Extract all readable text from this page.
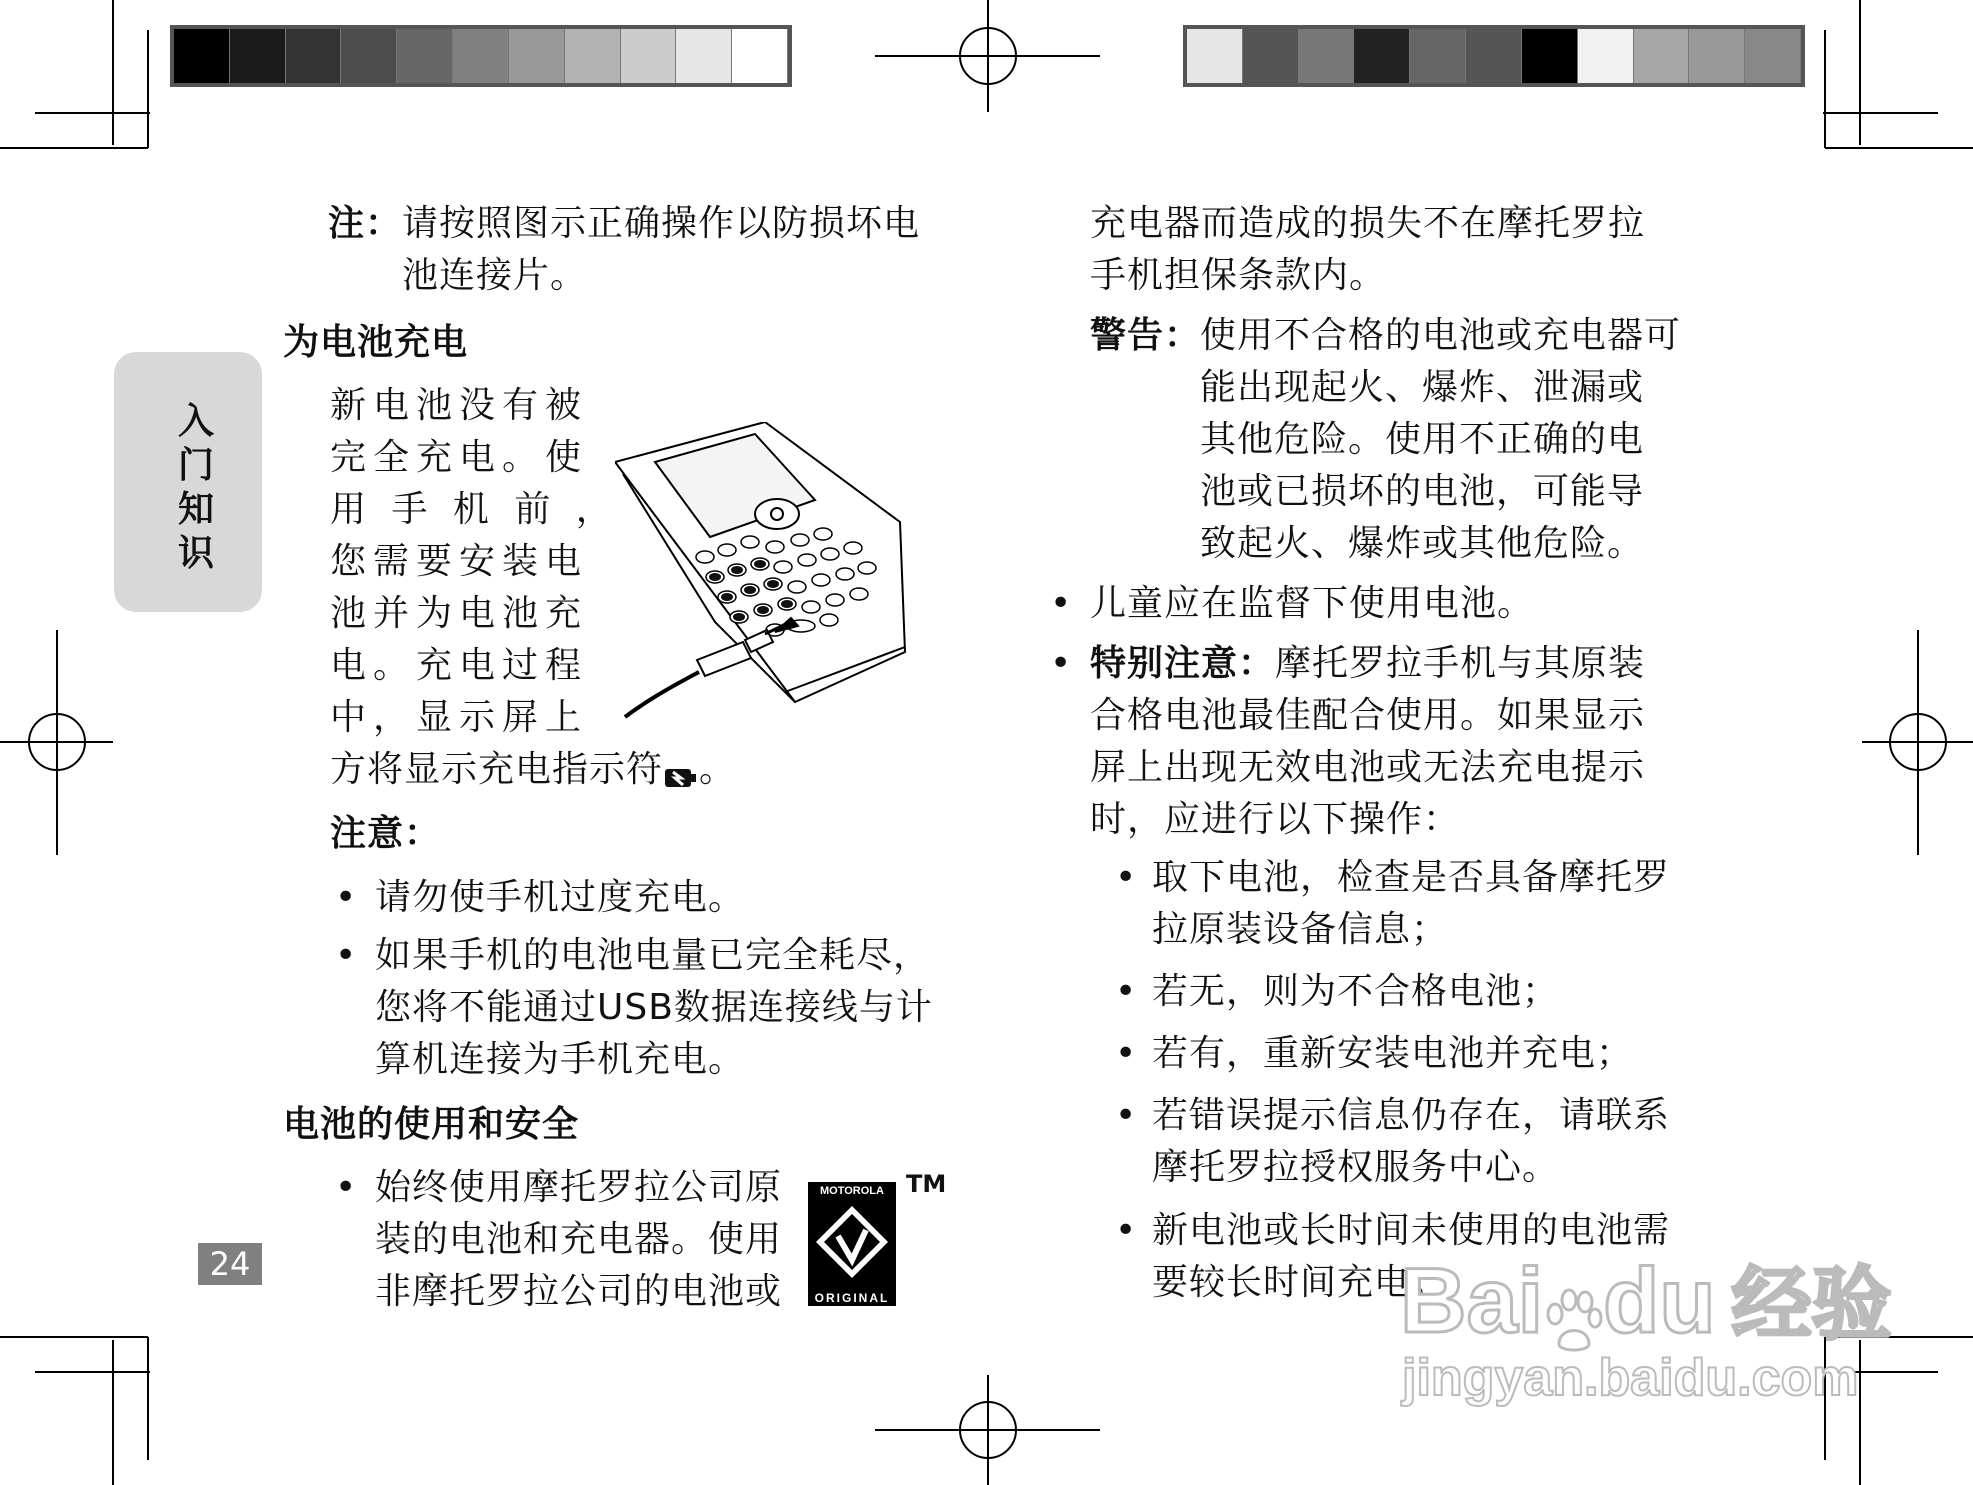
入
门
知
识
24
注： 请按照图示正确操作以防损坏电
池连接片。
为电池充电
新电池没有被
完全充电。使
用 手 机 前 ，
您需要安装电
池并为电池充
电。充电过程
中，显示屏上
方将显示充电指示符 。
注意：
• 请勿使手机过度充电。
• 如果手机的电池电量已完全耗尽，
您将不能通过USB数据连接线与计
算机连接为手机充电。
电池的使用和安全
• 始终使用摩托罗拉公司原
装的电池和充电器。使用
非摩托罗拉公司的电池或
MOTOROLA
ORIGINAL
TM
充电器而造成的损失不在摩托罗拉
手机担保条款内。
警告：
使用不合格的电池或充电器可
能出现起火、爆炸、泄漏或
其他危险。使用不正确的电
池或已损坏的电池，可能导
致起火、爆炸或其他危险。
• 儿童应在监督下使用电池。
• 特别注意：摩托罗拉手机与其原装
合格电池最佳配合使用。如果显示
屏上出现无效电池或无法充电提示
时，应进行以下操作：
• 取下电池，检查是否具备摩托罗
拉原装设备信息；
• 若无，则为不合格电池；
• 若有，重新安装电池并充电；
• 若错误提示信息仍存在，请联系
摩托罗拉授权服务中心。
• 新电池或长时间未使用的电池需
要较长时间充电。
Bai du 经验
jingyan.baidu.com
